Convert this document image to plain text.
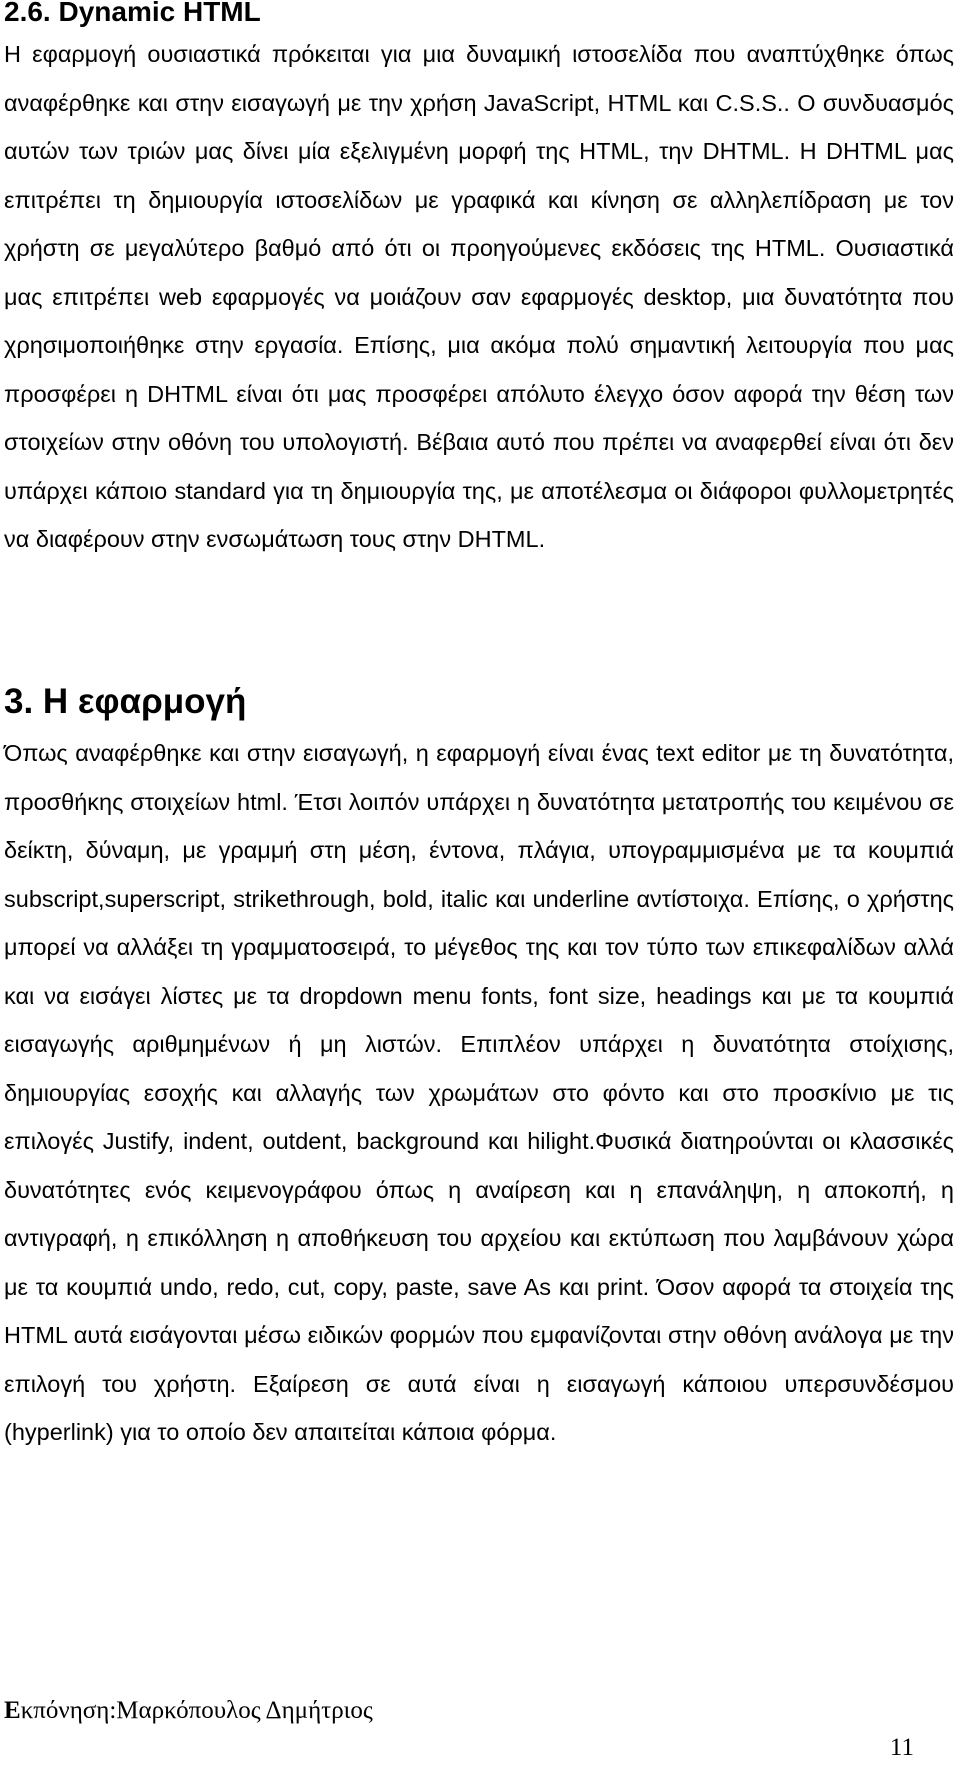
2.6. Dynamic HTML

Η εφαρμογή ουσιαστικά πρόκειται για μια δυναμική ιστοσελίδα που αναπτύχθηκε όπως αναφέρθηκε και στην εισαγωγή με την χρήση JavaScript, HTML και C.S.S.. Ο συνδυασμός αυτών των τριών μας δίνει μία εξελιγμένη μορφή της HTML, την DHTML. Η DHTML μας επιτρέπει τη δημιουργία ιστοσελίδων με γραφικά και κίνηση σε αλληλεπίδραση με τον χρήστη σε μεγαλύτερο βαθμό από ότι οι προηγούμενες εκδόσεις της HTML. Ουσιαστικά μας επιτρέπει web εφαρμογές να μοιάζουν σαν εφαρμογές desktop, μια δυνατότητα που χρησιμοποιήθηκε στην εργασία. Επίσης, μια ακόμα πολύ σημαντική λειτουργία που μας προσφέρει η DHTML είναι ότι μας προσφέρει απόλυτο έλεγχο όσον αφορά την θέση των στοιχείων στην οθόνη του υπολογιστή. Βέβαια αυτό που πρέπει να αναφερθεί είναι ότι δεν υπάρχει κάποιο standard για τη δημιουργία της, με αποτέλεσμα οι διάφοροι φυλλομετρητές να διαφέρουν στην ενσωμάτωση τους στην DHTML.

3. Η εφαρμογή

Όπως αναφέρθηκε και στην εισαγωγή, η εφαρμογή είναι ένας text editor με τη δυνατότητα, προσθήκης στοιχείων html. Έτσι λοιπόν υπάρχει η δυνατότητα μετατροπής του κειμένου σε δείκτη, δύναμη, με γραμμή στη μέση, έντονα, πλάγια, υπογραμμισμένα με τα κουμπιά subscript,superscript, strikethrough, bold, italic και underline αντίστοιχα. Επίσης, ο χρήστης μπορεί να αλλάξει τη γραμματοσειρά, το μέγεθος της και τον τύπο των επικεφαλίδων αλλά και να εισάγει λίστες με τα dropdown menu fonts, font size, headings και με τα κουμπιά εισαγωγής αριθμημένων ή μη λιστών. Επιπλέον υπάρχει η δυνατότητα στοίχισης, δημιουργίας εσοχής και αλλαγής των χρωμάτων στο φόντο και στο προσκίνιο με τις επιλογές Justify, indent, outdent, background και hilight.Φυσικά διατηρούνται οι κλασσικές δυνατότητες ενός κειμενογράφου όπως η αναίρεση και η επανάληψη, η αποκοπή, η αντιγραφή, η επικόλληση η αποθήκευση του αρχείου και εκτύπωση που λαμβάνουν χώρα με τα κουμπιά undo, redo, cut, copy, paste, save As και print. Όσον αφορά τα στοιχεία της HTML αυτά εισάγονται μέσω ειδικών φορμών που εμφανίζονται στην οθόνη ανάλογα με την επιλογή του χρήστη. Εξαίρεση σε αυτά είναι η εισαγωγή κάποιου υπερσυνδέσμου (hyperlink) για το οποίο δεν απαιτείται κάποια φόρμα.

Εκπόνηση:Μαρκόπουλος Δημήτριος
11
